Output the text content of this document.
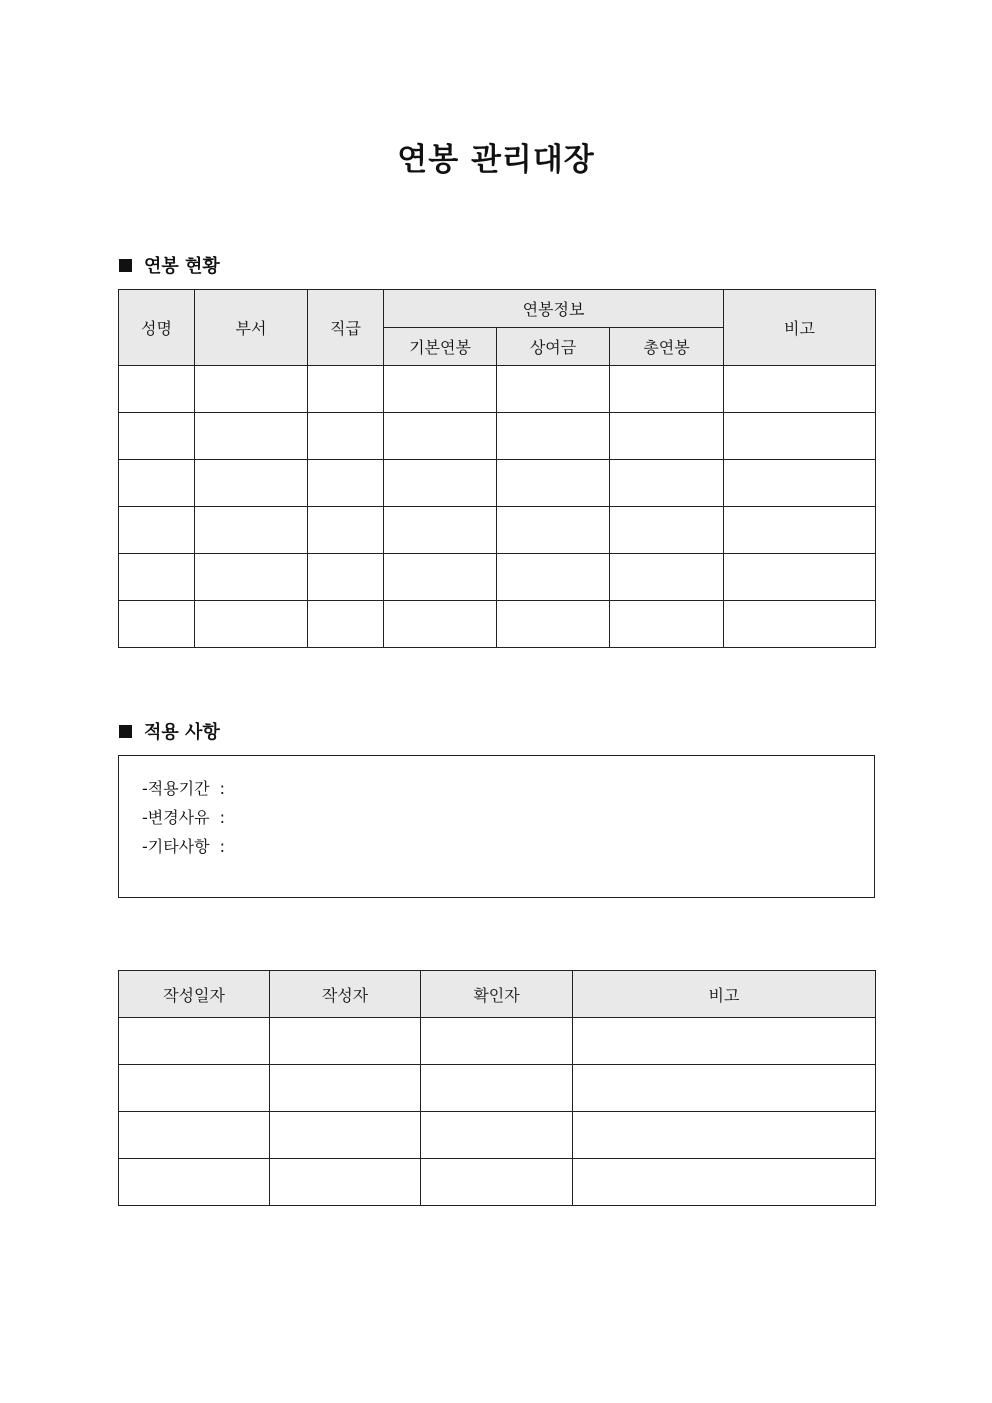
연봉 관리대장
연봉 현황
성명	부서	직급	연봉정보			비고
			기본연봉	상여금	총연봉	

적용 사항
-적용기간 :
-변경사유 :
-기타사항 :
작성일자	작성자	확인자	비고
